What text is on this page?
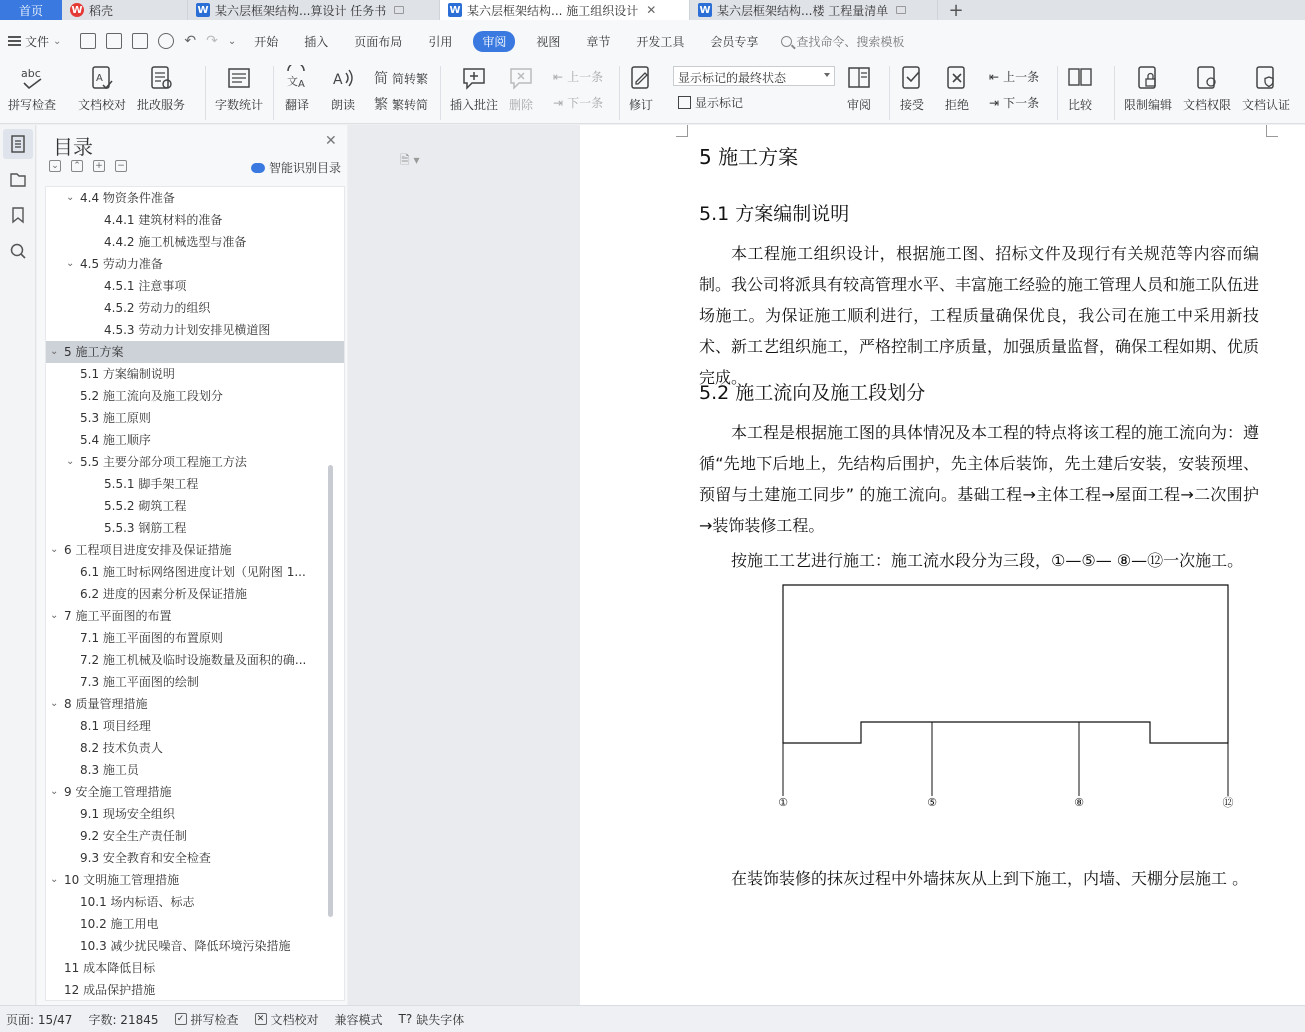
首页	W 稻壳	W 某六层框架结构...算设计 任务书	W 某六层框架结构... 施工组织设计 ✕	W 某六层框架结构...楼 工程量清单	+
文件 ⌄	↶ ↷ ⌄ 开始 插入 页面布局 引用	审阅	视图 章节 开发工具 会员专享	查找命令、搜索模板
abc
拼写检查
A
文档校对 批改服务 字数统计
文 A
翻译
A
朗读
简 简转繁
繁 繁转简 插入批注 删除
⇤ 上一条
⇥ 下一条 修订
显示标记的最终状态
显示标记	审阅 接受 拒绝
⇤ 上一条
⇥ 下一条 比较	限制编辑 文档权限 文档认证
目录	✕
⌄ ⌃ + −	智能识别目录
⌄ 4.4 物资条件准备
4.4.1 建筑材料的准备
4.4.2 施工机械选型与准备
⌄ 4.5 劳动力准备
4.5.1 注意事项
4.5.2 劳动力的组织
4.5.3 劳动力计划安排见横道图
⌄ 5 施工方案
5.1 方案编制说明
5.2 施工流向及施工段划分
5.3 施工原则
5.4 施工顺序
⌄ 5.5 主要分部分项工程施工方法
5.5.1 脚手架工程
5.5.2 砌筑工程
5.5.3 钢筋工程
⌄ 6 工程项目进度安排及保证措施
6.1 施工时标网络图进度计划（见附图 1...
6.2 进度的因素分析及保证措施
⌄ 7 施工平面图的布置
7.1 施工平面图的布置原则
7.2 施工机械及临时设施数量及面积的确...
7.3 施工平面图的绘制
⌄ 8 质量管理措施
8.1 项目经理
8.2 技术负责人
8.3 施工员
⌄ 9 安全施工管理措施
9.1 现场安全组织
9.2 安全生产责任制
9.3 安全教育和安全检查
⌄ 10 文明施工管理措施
10.1 场内标语、标志
10.2 施工用电
10.3 减少扰民噪音、降低环境污染措施
11 成本降低目标
12 成品保护措施
🗎 ▾	5 施工方案
5.1 方案编制说明
本工程施工组织设计，根据施工图、招标文件及现行有关规范等内容而编制。我公司将派具有较高管理水平、丰富施工经验的施工管理人员和施工队伍进场施工。为保证施工顺利进行，工程质量确保优良，我公司在施工中采用新技术、新工艺组织施工，严格控制工序质量，加强质量监督，确保工程如期、优质完成。
5.2 施工流向及施工段划分
本工程是根据施工图的具体情况及本工程的特点将该工程的施工流向为：遵循“先地下后地上，先结构后围护，先主体后装饰，先土建后安装，安装预埋、预留与土建施工同步” 的施工流向。基础工程→主体工程→屋面工程→二次围护→装饰装修工程。
按施工工艺进行施工：施工流水段分为三段，①—⑤— ⑧—⑫一次施工。
①	⑤	⑧	⑫
在装饰装修的抹灰过程中外墙抹灰从上到下施工，内墙、天棚分层施工 。
页面: 15/47 字数: 21845 ✓ 拼写检查 ✕ 文档校对 兼容模式 T? 缺失字体
